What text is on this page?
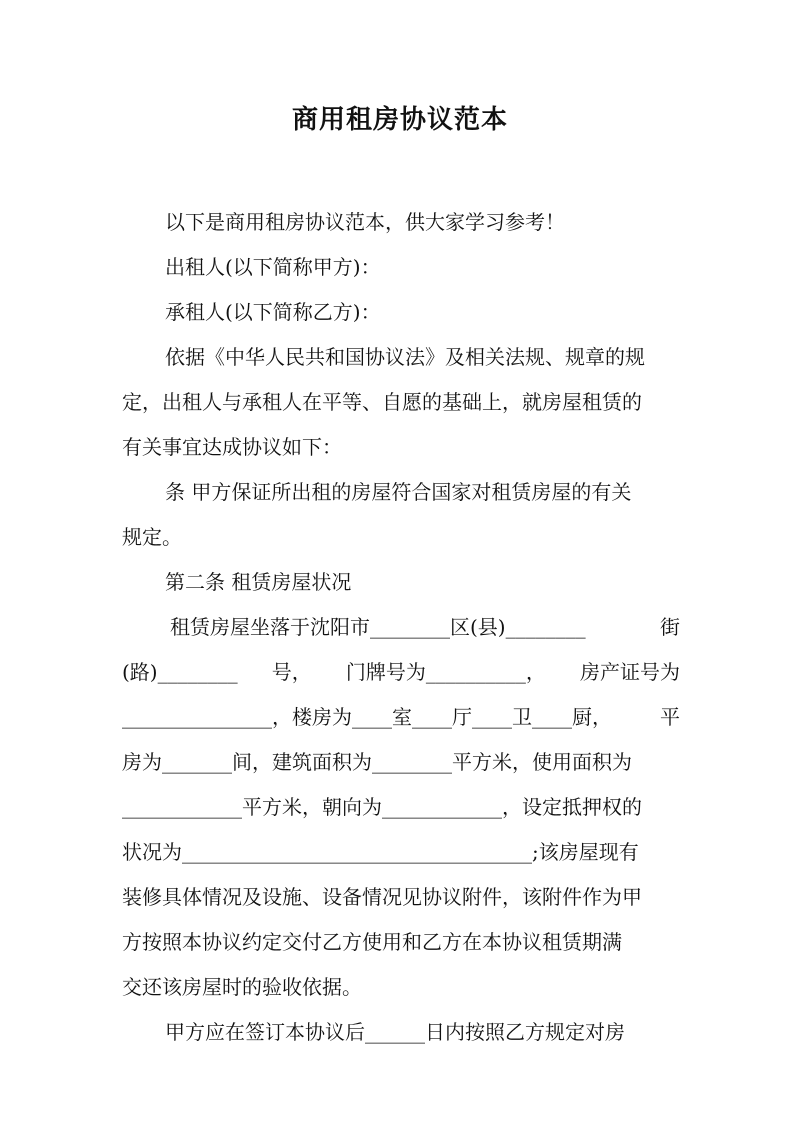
商用租房协议范本
以下是商用租房协议范本，供大家学习参考！
出租人(以下简称甲方)：
承租人(以下简称乙方)：
依据《中华人民共和国协议法》及相关法规、规章的规
定，出租人与承租人在平等、自愿的基础上，就房屋租赁的
有关事宜达成协议如下：
条 甲方保证所出租的房屋符合国家对租赁房屋的有关
规定。
第二条 租赁房屋状况
租赁房屋坐落于沈阳市________区(县)________	街
(路)________ 号， 门牌号为__________， 房产证号为
_______________，楼房为____室____厅____卫____厨， 平
房为_______间，建筑面积为________平方米，使用面积为
____________平方米，朝向为____________，设定抵押权的
状况为___________________________________;该房屋现有
装修具体情况及设施、设备情况见协议附件，该附件作为甲
方按照本协议约定交付乙方使用和乙方在本协议租赁期满
交还该房屋时的验收依据。
甲方应在签订本协议后______日内按照乙方规定对房
